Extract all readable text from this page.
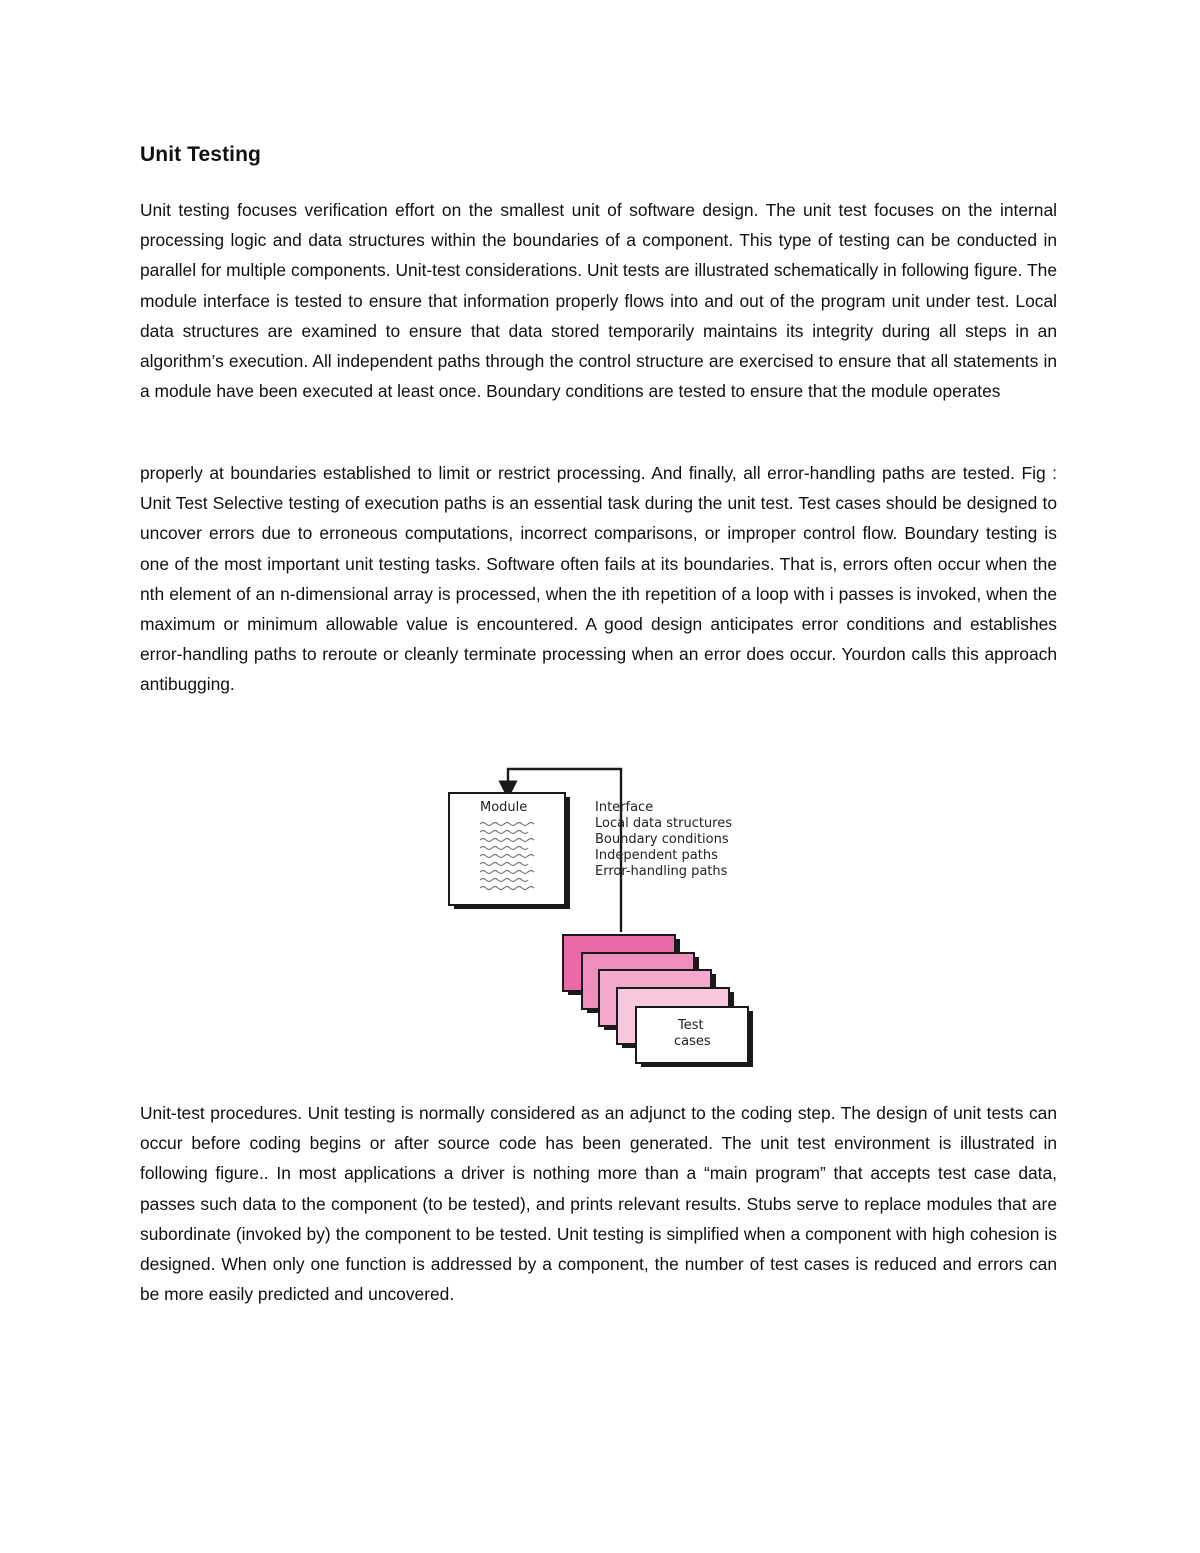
Unit Testing

Unit testing focuses verification effort on the smallest unit of software design. The unit test focuses on the internal processing logic and data structures within the boundaries of a component. This type of testing can be conducted in parallel for multiple components. Unit-test considerations. Unit tests are illustrated schematically in following figure. The module interface is tested to ensure that information properly flows into and out of the program unit under test. Local data structures are examined to ensure that data stored temporarily maintains its integrity during all steps in an algorithm’s execution. All independent paths through the control structure are exercised to ensure that all statements in a module have been executed at least once. Boundary conditions are tested to ensure that the module operates

properly at boundaries established to limit or restrict processing. And finally, all error-handling paths are tested. Fig : Unit Test Selective testing of execution paths is an essential task during the unit test. Test cases should be designed to uncover errors due to erroneous computations, incorrect comparisons, or improper control flow. Boundary testing is one of the most important unit testing tasks. Software often fails at its boundaries. That is, errors often occur when the nth element of an n-dimensional array is processed, when the ith repetition of a loop with i passes is invoked, when the maximum or minimum allowable value is encountered. A good design anticipates error conditions and establishes error-handling paths to reroute or cleanly terminate processing when an error does occur. Yourdon calls this approach antibugging.

Module	Interface
Local data structures
Boundary conditions
Independent paths
Error-handling paths
Test
cases

Unit-test procedures. Unit testing is normally considered as an adjunct to the coding step. The design of unit tests can occur before coding begins or after source code has been generated. The unit test environment is illustrated in following figure.. In most applications a driver is nothing more than a “main program” that accepts test case data, passes such data to the component (to be tested), and prints relevant results. Stubs serve to replace modules that are subordinate (invoked by) the component to be tested. Unit testing is simplified when a component with high cohesion is designed. When only one function is addressed by a component, the number of test cases is reduced and errors can be more easily predicted and uncovered.
